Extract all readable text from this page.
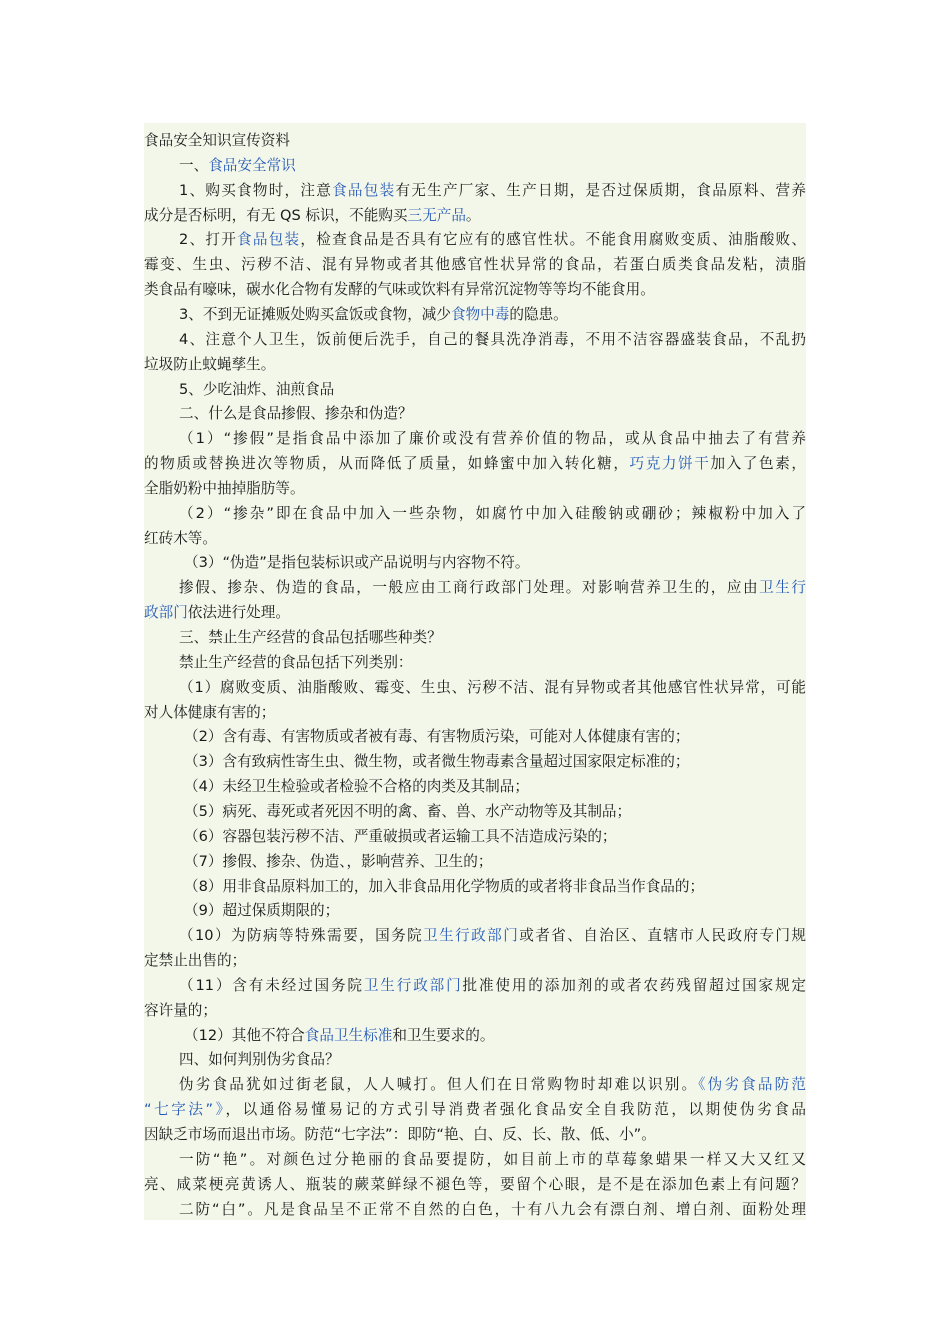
食品安全知识宣传资料
一、食品安全常识
1、购买食物时，注意食品包装有无生产厂家、生产日期，是否过保质期，食品原料、营养
成分是否标明，有无 QS 标识，不能购买三无产品。
2、打开食品包装，检查食品是否具有它应有的感官性状。不能食用腐败变质、油脂酸败、
霉变、生虫、污秽不洁、混有异物或者其他感官性状异常的食品，若蛋白质类食品发粘，渍脂
类食品有嚎味，碳水化合物有发酵的气味或饮料有异常沉淀物等等均不能食用。
3、不到无证摊贩处购买盒饭或食物，减少食物中毒的隐患。
4、注意个人卫生，饭前便后洗手，自己的餐具洗净消毒，不用不洁容器盛装食品，不乱扔
垃圾防止蚊蝇孳生。
5、少吃油炸、油煎食品
二、什么是食品掺假、掺杂和伪造？
（1）“掺假”是指食品中添加了廉价或没有营养价值的物品，或从食品中抽去了有营养
的物质或替换进次等物质，从而降低了质量，如蜂蜜中加入转化糖，巧克力饼干加入了色素，
全脂奶粉中抽掉脂肪等。
（2）“掺杂”即在食品中加入一些杂物，如腐竹中加入硅酸钠或硼砂；辣椒粉中加入了
红砖木等。
（3）“伪造”是指包装标识或产品说明与内容物不符。
掺假、掺杂、伪造的食品，一般应由工商行政部门处理。对影响营养卫生的，应由卫生行
政部门依法进行处理。
三、禁止生产经营的食品包括哪些种类？
禁止生产经营的食品包括下列类别：
（1）腐败变质、油脂酸败、霉变、生虫、污秽不洁、混有异物或者其他感官性状异常，可能
对人体健康有害的；
（2）含有毒、有害物质或者被有毒、有害物质污染，可能对人体健康有害的；
（3）含有致病性寄生虫、微生物，或者微生物毒素含量超过国家限定标准的；
（4）未经卫生检验或者检验不合格的肉类及其制品；
（5）病死、毒死或者死因不明的禽、畜、兽、水产动物等及其制品；
（6）容器包装污秽不洁、严重破损或者运输工具不洁造成污染的；
（7）掺假、掺杂、伪造、，影响营养、卫生的；
（8）用非食品原料加工的，加入非食品用化学物质的或者将非食品当作食品的；
（9）超过保质期限的；
（10）为防病等特殊需要，国务院卫生行政部门或者省、自治区、直辖市人民政府专门规
定禁止出售的；
（11）含有未经过国务院卫生行政部门批准使用的添加剂的或者农药残留超过国家规定
容许量的；
（12）其他不符合食品卫生标准和卫生要求的。
四、如何判别伪劣食品？
伪劣食品犹如过街老鼠，人人喊打。但人们在日常购物时却难以识别。《伪劣食品防范
“七字法”》，以通俗易懂易记的方式引导消费者强化食品安全自我防范，以期使伪劣食品
因缺乏市场而退出市场。防范“七字法”：即防“艳、白、反、长、散、低、小”。
一防“艳”。对颜色过分艳丽的食品要提防，如目前上市的草莓象蜡果一样又大又红又
亮、咸菜梗亮黄诱人、瓶装的蕨菜鲜绿不褪色等，要留个心眼，是不是在添加色素上有问题？
二防“白”。凡是食品呈不正常不自然的白色，十有八九会有漂白剂、增白剂、面粉处理
